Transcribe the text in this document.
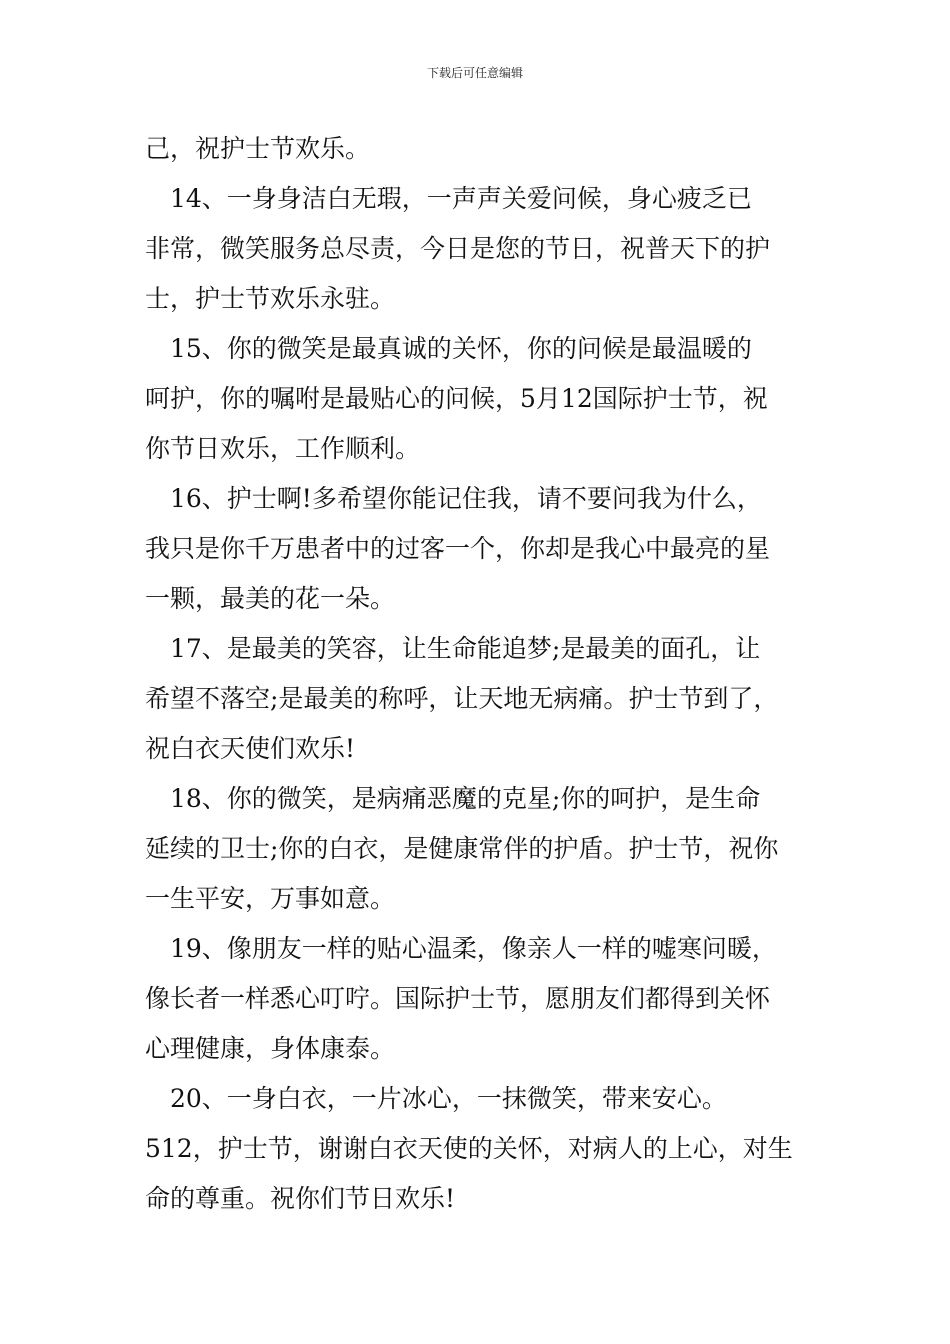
下载后可任意编辑
己，祝护士节欢乐。
　14、一身身洁白无瑕，一声声关爱问候，身心疲乏已
非常，微笑服务总尽责，今日是您的节日，祝普天下的护
士，护士节欢乐永驻。
　15、你的微笑是最真诚的关怀，你的问候是最温暖的
呵护，你的嘱咐是最贴心的问候，5月12国际护士节，祝
你节日欢乐，工作顺利。
　16、护士啊!多希望你能记住我，请不要问我为什么，
我只是你千万患者中的过客一个，你却是我心中最亮的星
一颗，最美的花一朵。
　17、是最美的笑容，让生命能追梦;是最美的面孔，让
希望不落空;是最美的称呼，让天地无病痛。护士节到了，
祝白衣天使们欢乐!
　18、你的微笑，是病痛恶魔的克星;你的呵护，是生命
延续的卫士;你的白衣，是健康常伴的护盾。护士节，祝你
一生平安，万事如意。
　19、像朋友一样的贴心温柔，像亲人一样的嘘寒问暖，
像长者一样悉心叮咛。国际护士节，愿朋友们都得到关怀
心理健康，身体康泰。
　20、一身白衣，一片冰心，一抹微笑，带来安心。
512，护士节，谢谢白衣天使的关怀，对病人的上心，对生
命的尊重。祝你们节日欢乐!
